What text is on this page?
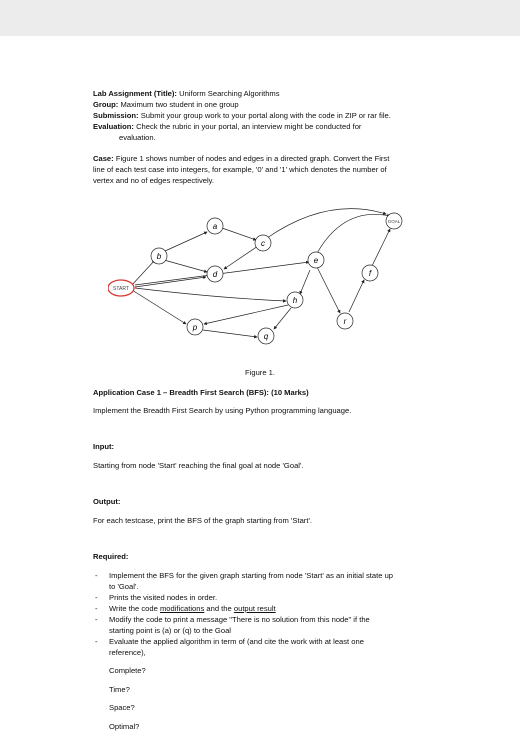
Lab Assignment (Title): Uniform Searching Algorithms

Group: Maximum two student in one group

Submission: Submit your group work to your portal along with the code in ZIP or rar file.

Evaluation: Check the rubric in your portal, an interview might be conducted for

evaluation.

Case: Figure 1 shows number of nodes and edges in a directed graph. Convert the First

line of each test case into integers, for example, '0' and '1' which denotes the number of

vertex and no of edges respectively.

START
a
b
c
d
e
f
GOAL
h
p
q
r
Figure 1.

Application Case 1 – Breadth First Search (BFS): (10 Marks)

Implement the Breadth First Search by using Python programming language.

Input:

Starting from node 'Start' reaching the final goal at node 'Goal'.

Output:

For each testcase, print the BFS of the graph starting from 'Start'.

Required:

- Implement the BFS for the given graph starting from node 'Start' as an initial state up
to 'Goal'.
- Prints the visited nodes in order.
- Write the code modifications and the output result
- Modify the code to print a message "There is no solution from this node" if the
starting point is (a) or (q) to the Goal
- Evaluate the applied algorithm in term of (and cite the work with at least one
reference),

Complete?

Time?

Space?

Optimal?
